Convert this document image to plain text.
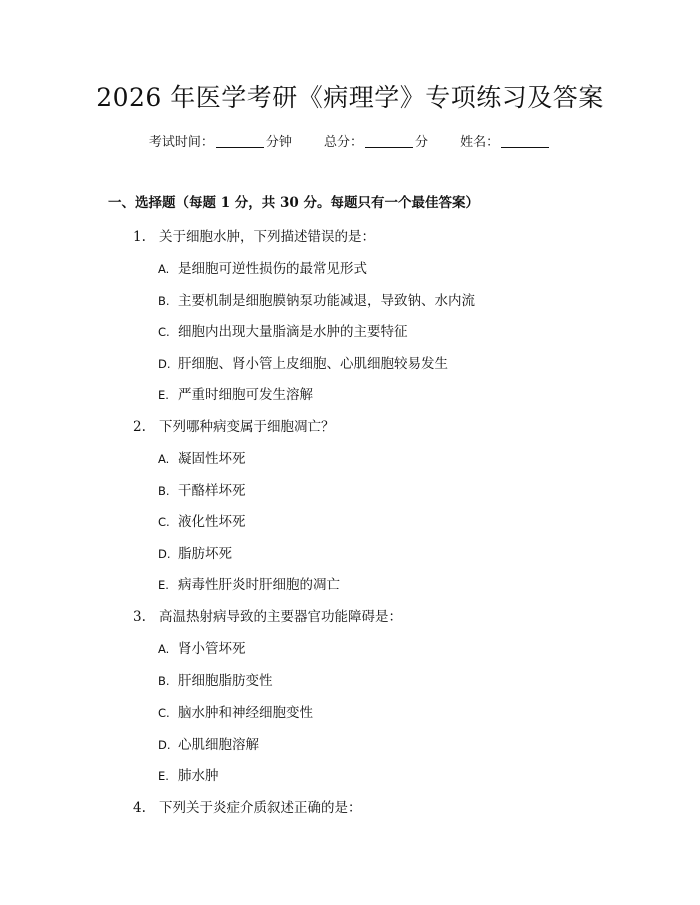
2026 年医学考研《病理学》专项练习及答案
考试时间：	分钟 总分：	分 姓名：
一、选择题（每题 1 分，共 30 分。每题只有一个最佳答案）
1. 关于细胞水肿，下列描述错误的是：
A. 是细胞可逆性损伤的最常见形式
B. 主要机制是细胞膜钠泵功能减退，导致钠、水内流
C. 细胞内出现大量脂滴是水肿的主要特征
D. 肝细胞、肾小管上皮细胞、心肌细胞较易发生
E. 严重时细胞可发生溶解
2. 下列哪种病变属于细胞凋亡？
A. 凝固性坏死
B. 干酪样坏死
C. 液化性坏死
D. 脂肪坏死
E. 病毒性肝炎时肝细胞的凋亡
3. 高温热射病导致的主要器官功能障碍是：
A. 肾小管坏死
B. 肝细胞脂肪变性
C. 脑水肿和神经细胞变性
D. 心肌细胞溶解
E. 肺水肿
4. 下列关于炎症介质叙述正确的是：
